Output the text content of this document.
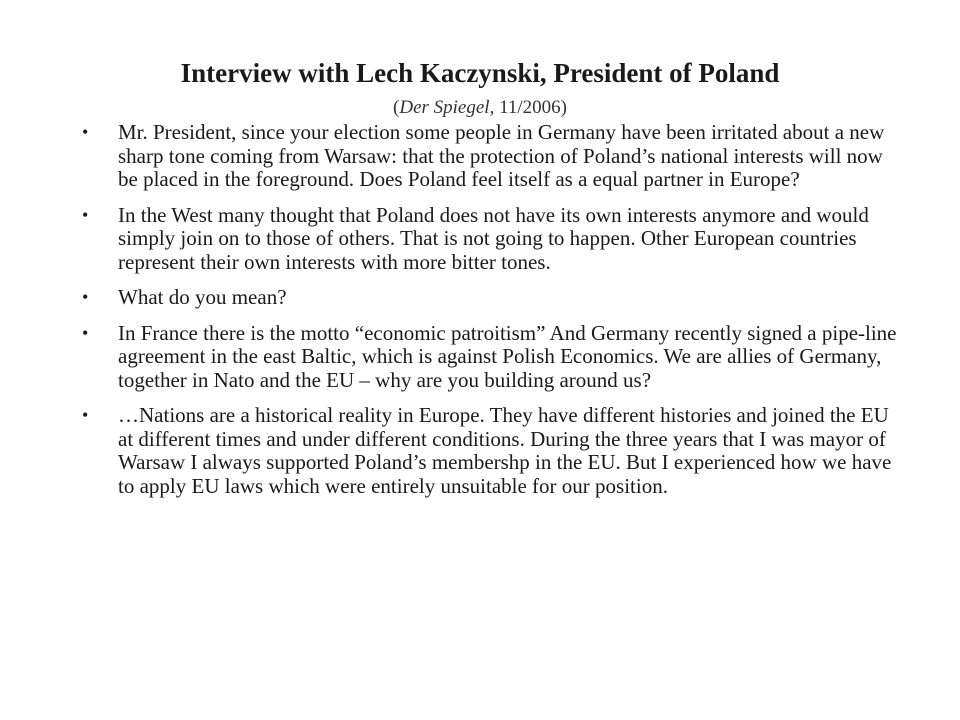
Interview with Lech Kaczynski, President of Poland
(Der Spiegel, 11/2006)
• Mr. President, since your election some people in Germany have been irritated about a new sharp tone coming from Warsaw: that the protection of Poland’s national interests will now be placed in the foreground. Does Poland feel itself as a equal partner in Europe?
• In the West many thought that Poland does not have its own interests anymore and would simply join on to those of others. That is not going to happen. Other European countries represent their own interests with more bitter tones.
• What do you mean?
• In France there is the motto “economic patroitism” And Germany recently signed a pipe-line agreement in the east Baltic, which is against Polish Economics. We are allies of Germany, together in Nato and the EU – why are you building around us?
• …Nations are a historical reality in Europe. They have different histories and joined the EU at different times and under different conditions. During the three years that I was mayor of Warsaw I always supported Poland’s membershp in the EU. But I experienced how we have to apply EU laws which were entirely unsuitable for our position.
